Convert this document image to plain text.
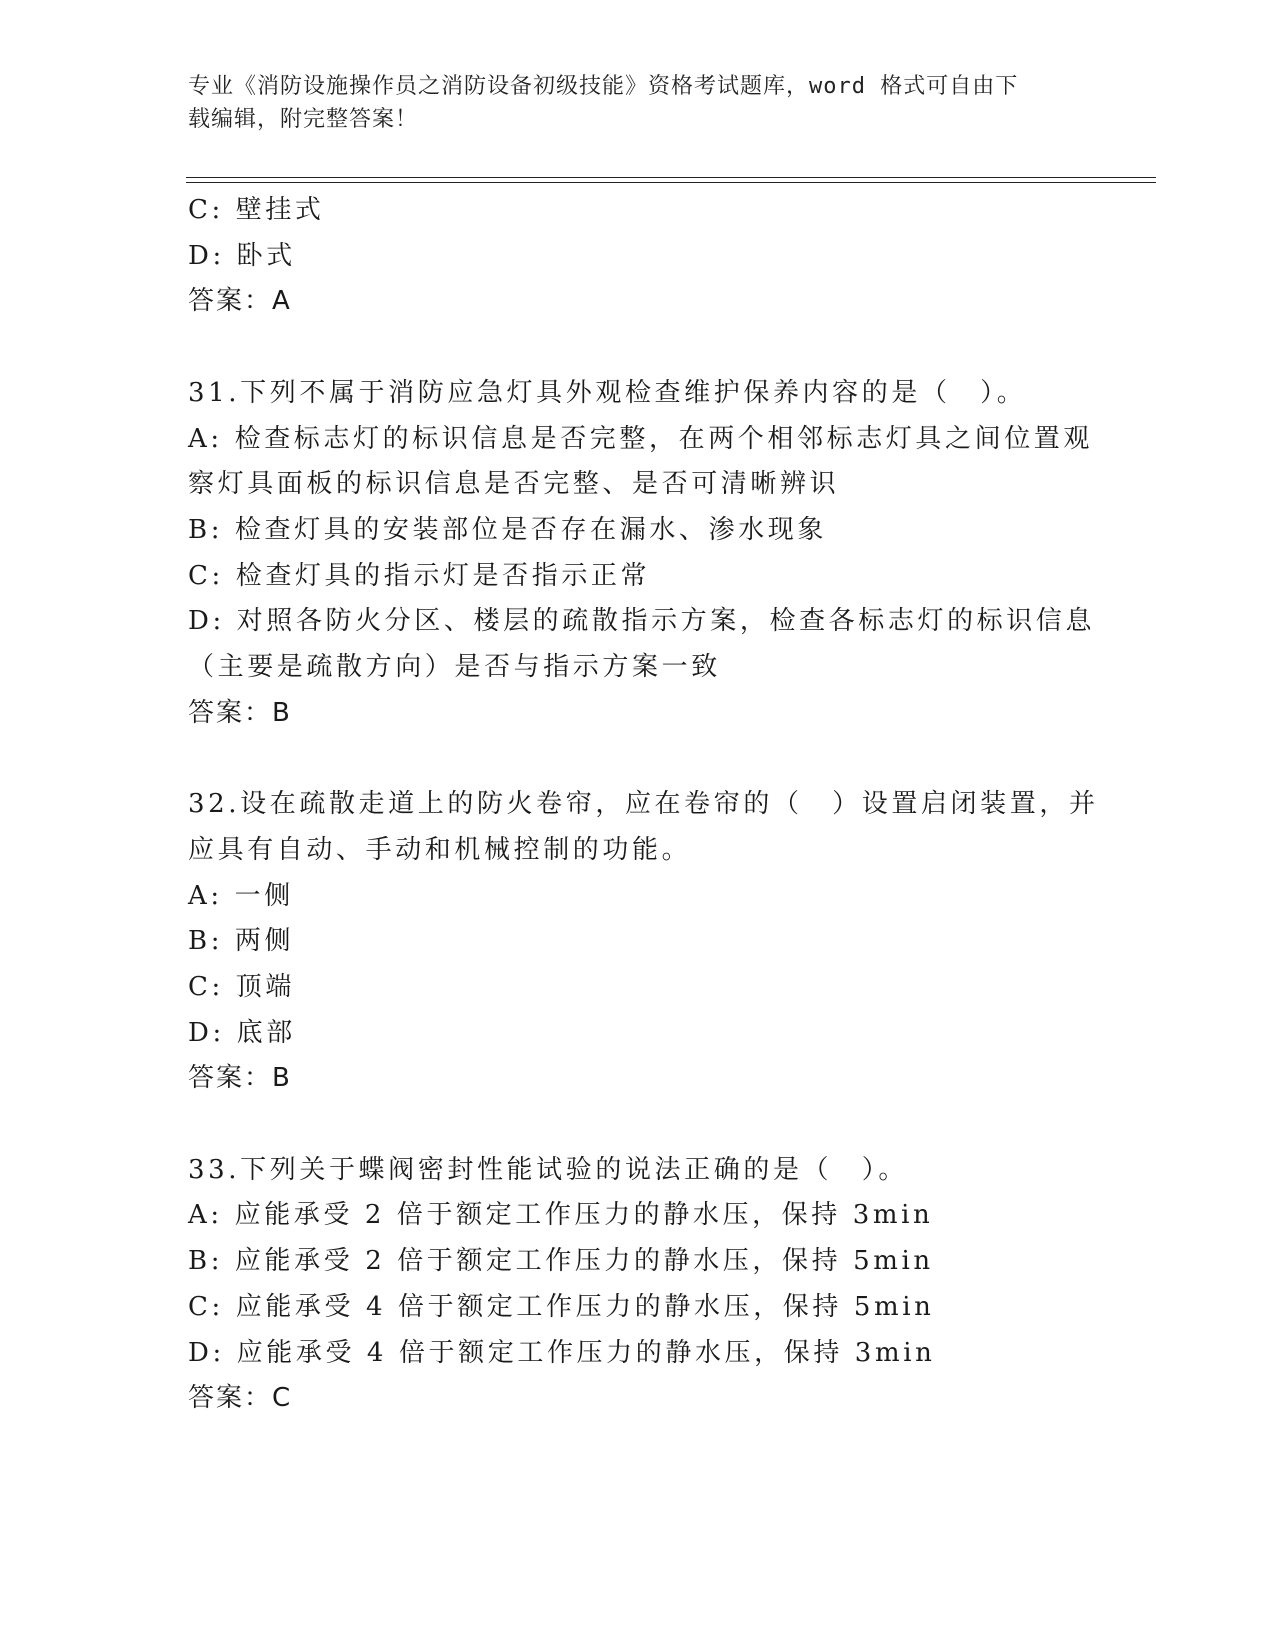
专业《消防设施操作员之消防设备初级技能》资格考试题库，word 格式可自由下
载编辑，附完整答案！

C: 壁挂式

D: 卧式

答案：A

31.下列不属于消防应急灯具外观检查维护保养内容的是（　）。

A: 检查标志灯的标识信息是否完整，在两个相邻标志灯具之间位置观

察灯具面板的标识信息是否完整、是否可清晰辨识

B: 检查灯具的安装部位是否存在漏水、渗水现象

C: 检查灯具的指示灯是否指示正常

D: 对照各防火分区、楼层的疏散指示方案，检查各标志灯的标识信息

（主要是疏散方向）是否与指示方案一致

答案：B

32.设在疏散走道上的防火卷帘，应在卷帘的（　）设置启闭装置，并

应具有自动、手动和机械控制的功能。

A: 一侧

B: 两侧

C: 顶端

D: 底部

答案：B

33.下列关于蝶阀密封性能试验的说法正确的是（　）。

A: 应能承受 2 倍于额定工作压力的静水压，保持 3min

B: 应能承受 2 倍于额定工作压力的静水压，保持 5min

C: 应能承受 4 倍于额定工作压力的静水压，保持 5min

D: 应能承受 4 倍于额定工作压力的静水压，保持 3min

答案：C
